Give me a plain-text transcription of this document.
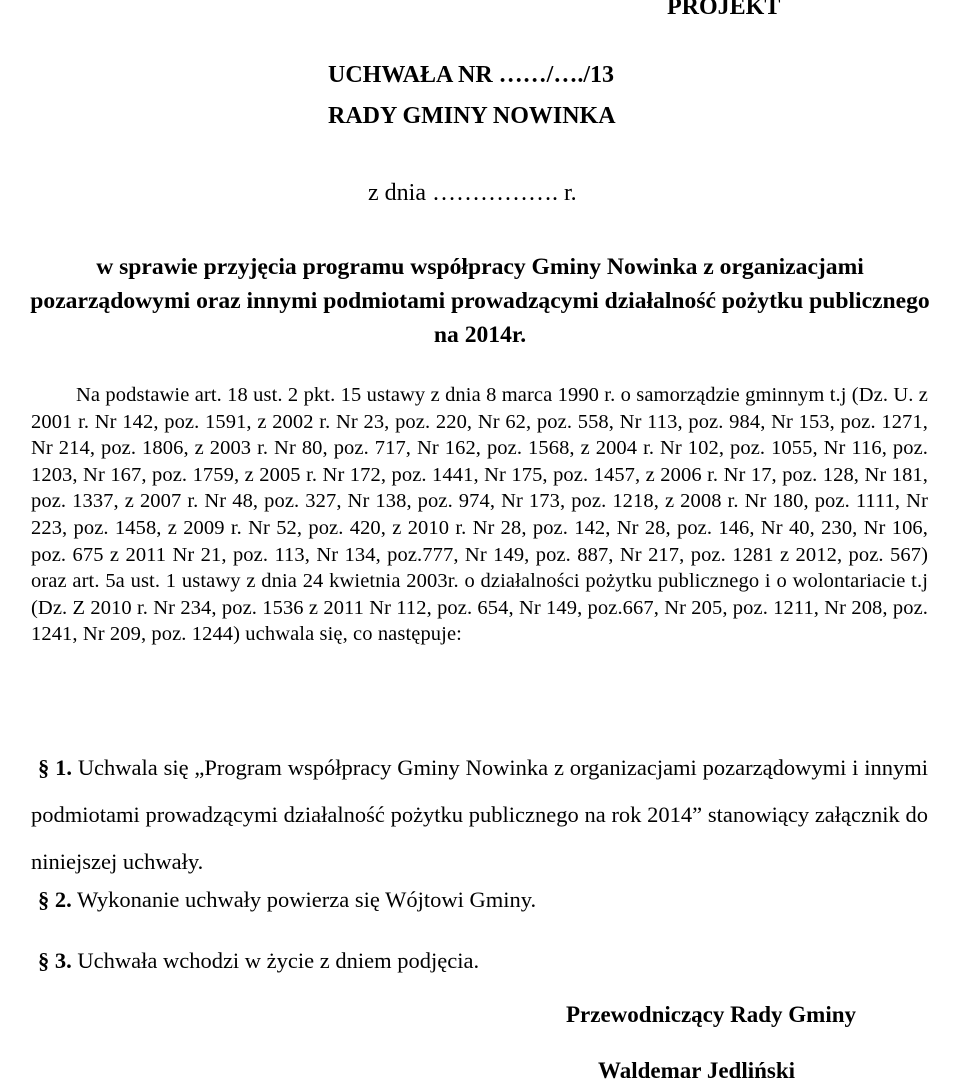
PROJEKT
UCHWAŁA NR ……/…./13
RADY GMINY NOWINKA
z dnia ……………. r.
w sprawie przyjęcia programu współpracy Gminy Nowinka z organizacjami pozarządowymi oraz innymi podmiotami prowadzącymi działalność pożytku publicznego na 2014r.
Na podstawie art. 18 ust. 2 pkt. 15 ustawy z dnia 8 marca 1990 r. o samorządzie gminnym t.j (Dz. U. z 2001 r. Nr 142, poz. 1591, z 2002 r. Nr 23, poz. 220, Nr 62, poz. 558, Nr 113, poz. 984, Nr 153, poz. 1271, Nr 214, poz. 1806, z 2003 r. Nr 80, poz. 717, Nr 162, poz. 1568, z 2004 r. Nr 102, poz. 1055, Nr 116, poz. 1203, Nr 167, poz. 1759, z 2005 r. Nr 172, poz. 1441, Nr 175, poz. 1457, z 2006 r. Nr 17, poz. 128, Nr 181, poz. 1337, z 2007 r. Nr 48, poz. 327, Nr 138, poz. 974, Nr 173, poz. 1218, z 2008 r. Nr 180, poz. 1111, Nr 223, poz. 1458, z 2009 r. Nr 52, poz. 420, z 2010 r. Nr 28, poz. 142, Nr 28, poz. 146, Nr 40, 230, Nr 106, poz. 675 z 2011 Nr 21, poz. 113, Nr 134, poz.777, Nr 149, poz. 887, Nr 217, poz. 1281 z 2012, poz. 567) oraz art. 5a ust. 1 ustawy z dnia 24 kwietnia 2003r. o działalności pożytku publicznego i o wolontariacie t.j (Dz. Z 2010 r. Nr 234, poz. 1536 z 2011 Nr 112, poz. 654, Nr 149, poz.667, Nr 205, poz. 1211, Nr 208, poz. 1241, Nr 209, poz. 1244) uchwala się, co następuje:
§ 1. Uchwala się „Program współpracy Gminy Nowinka z organizacjami pozarządowymi i innymi podmiotami prowadzącymi działalność pożytku publicznego na rok 2014” stanowiący załącznik do niniejszej uchwały.
§ 2. Wykonanie uchwały powierza się Wójtowi Gminy.
§ 3. Uchwała wchodzi w życie z dniem podjęcia.
Przewodniczący Rady Gminy
Waldemar Jedliński
